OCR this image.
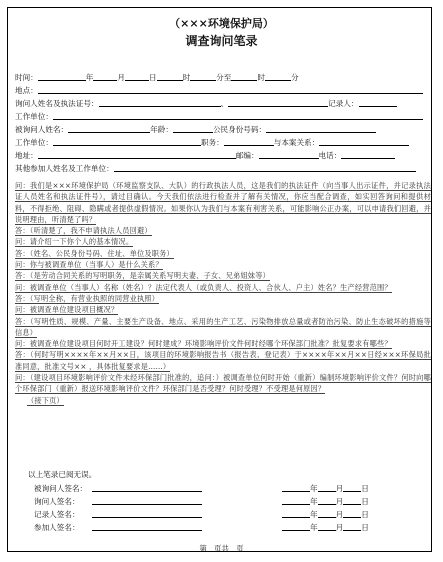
（×××环境保护局）
调查询问笔录
时间：	年	月	日	时	分至	时	分
地点：
询问人姓名及执法证号：	、	记录人：
工作单位：
被询问人姓名：	年龄：	公民身份号码：
工作单位：	职务：	与本案关系：
地址：	邮编：	电话：
其他参加人姓名及工作单位：
问：我们是×××环境保护局（环境监察支队、大队）的行政执法人员，这是我们的执法证件（向当事人出示证件，并记录执法证人员姓名和执法证件号），请过目确认。今天我们依法进行检查并了解有关情况，你应当配合调查，如实回答询问和提供材料，不得拒绝、阻碍、隐瞒或者提供虚假情况。如果你认为我们与本案有利害关系，可能影响公正办案，可以申请我们回避，并说明理由，听清楚了吗？
答：（听清楚了，我不申请执法人员回避）
问：请介绍一下你个人的基本情况。
答：（姓名、公民身份号码、住址、单位及职务）
问：你与被调查单位（当事人）是什么关系？
答：（是劳动合同关系的写明职务，是亲属关系写明夫妻、子女、兄弟姐妹等）
问：被调查单位（当事人）名称（姓名）？法定代表人（或负责人、投资人、合伙人、户主）姓名？生产经营范围？
答：（写明全称，有营业执照的同营业执照）
问：被调查单位建设项目概况？
答：（写明性质、规模、产量、主要生产设备、地点、采用的生产工艺、污染物排放总量或者防治污染、防止生态破坏的措施等信息）
问：被调查单位建设项目何时开工建设？何时建成？环境影响评价文件何时经哪个环保部门批准？批复要求有哪些？
答：（何时写明××××年××月××日，该项目的环境影响报告书（报告表、登记表）于××××年××月××日经×××环保局批准同意，批准文号×× ，具体批复要求是……）
问：（建设项目环境影响评价文件未经环保部门批准的，追问：）被调查单位何时开始（重新）编制环境影响评价文件？何时向哪个环保部门（重新）报送环境影响评价文件？环保部门是否受理？何时受理？不受理是何原因？
（接下页）
以上笔录已阅无误。
被询问人签名：	年 月 日
询问人签名：	年 月 日
记录人签名：	年 月 日
参加人签名：	年 月 日
第　页共　页
